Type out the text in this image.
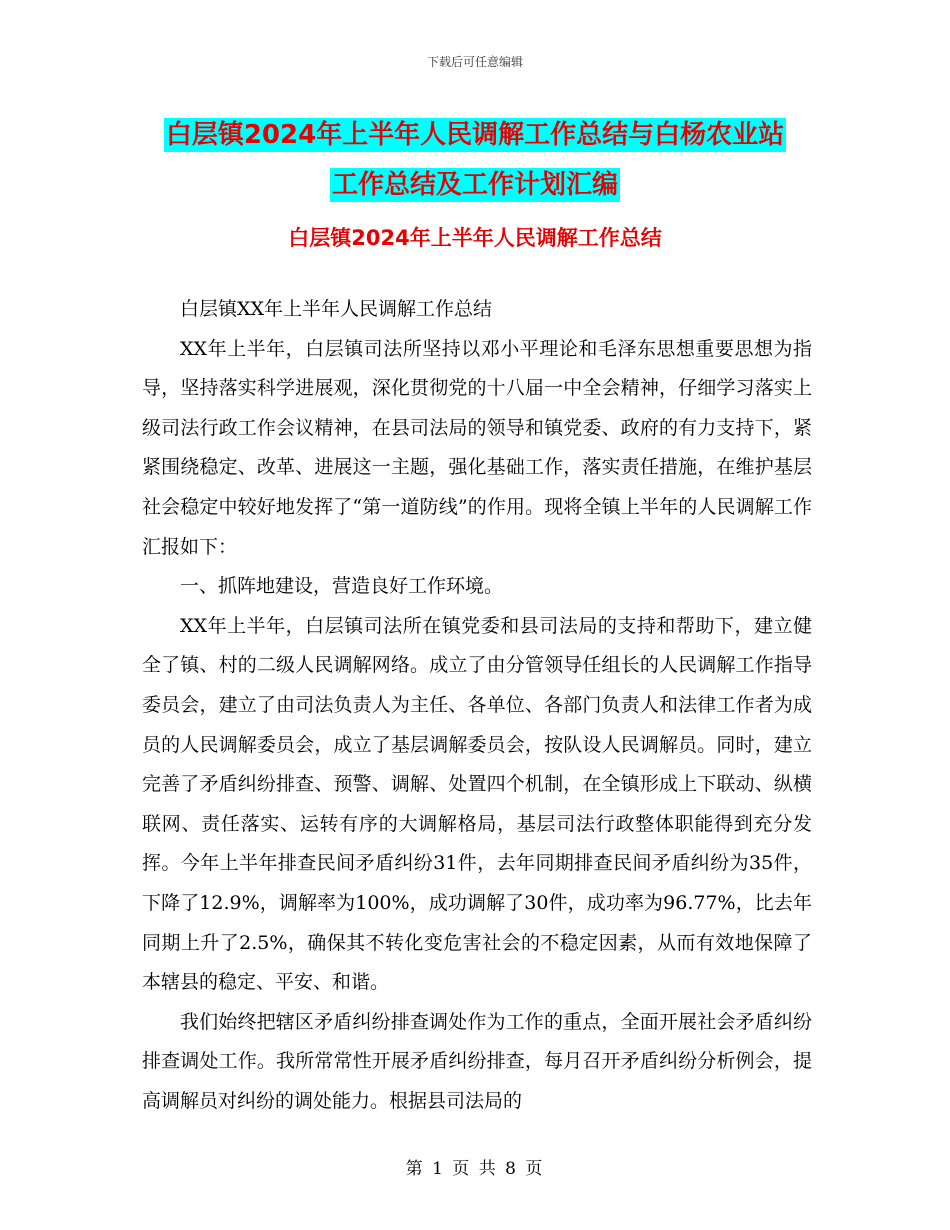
下载后可任意编辑
白层镇2024年上半年人民调解工作总结与白杨农业站
工作总结及工作计划汇编
白层镇2024年上半年人民调解工作总结

白层镇XX年上半年人民调解工作总结

XX年上半年，白层镇司法所坚持以邓小平理论和毛泽东思想重要思想为指导，坚持落实科学进展观，深化贯彻党的十八届一中全会精神，仔细学习落实上级司法行政工作会议精神，在县司法局的领导和镇党委、政府的有力支持下，紧紧围绕稳定、改革、进展这一主题，强化基础工作，落实责任措施，在维护基层社会稳定中较好地发挥了“第一道防线”的作用。现将全镇上半年的人民调解工作汇报如下：

一、抓阵地建设，营造良好工作环境。

XX年上半年，白层镇司法所在镇党委和县司法局的支持和帮助下，建立健全了镇、村的二级人民调解网络。成立了由分管领导任组长的人民调解工作指导委员会，建立了由司法负责人为主任、各单位、各部门负责人和法律工作者为成员的人民调解委员会，成立了基层调解委员会，按队设人民调解员。同时，建立完善了矛盾纠纷排查、预警、调解、处置四个机制，在全镇形成上下联动、纵横联网、责任落实、运转有序的大调解格局，基层司法行政整体职能得到充分发挥。今年上半年排查民间矛盾纠纷31件，去年同期排查民间矛盾纠纷为35件，下降了12.9%，调解率为100%，成功调解了30件，成功率为96.77%，比去年同期上升了2.5%，确保其不转化变危害社会的不稳定因素，从而有效地保障了本辖县的稳定、平安、和谐。

我们始终把辖区矛盾纠纷排查调处作为工作的重点，全面开展社会矛盾纠纷排查调处工作。我所常常性开展矛盾纠纷排查，每月召开矛盾纠纷分析例会，提高调解员对纠纷的调处能力。根据县司法局的

第 1 页 共 8 页
